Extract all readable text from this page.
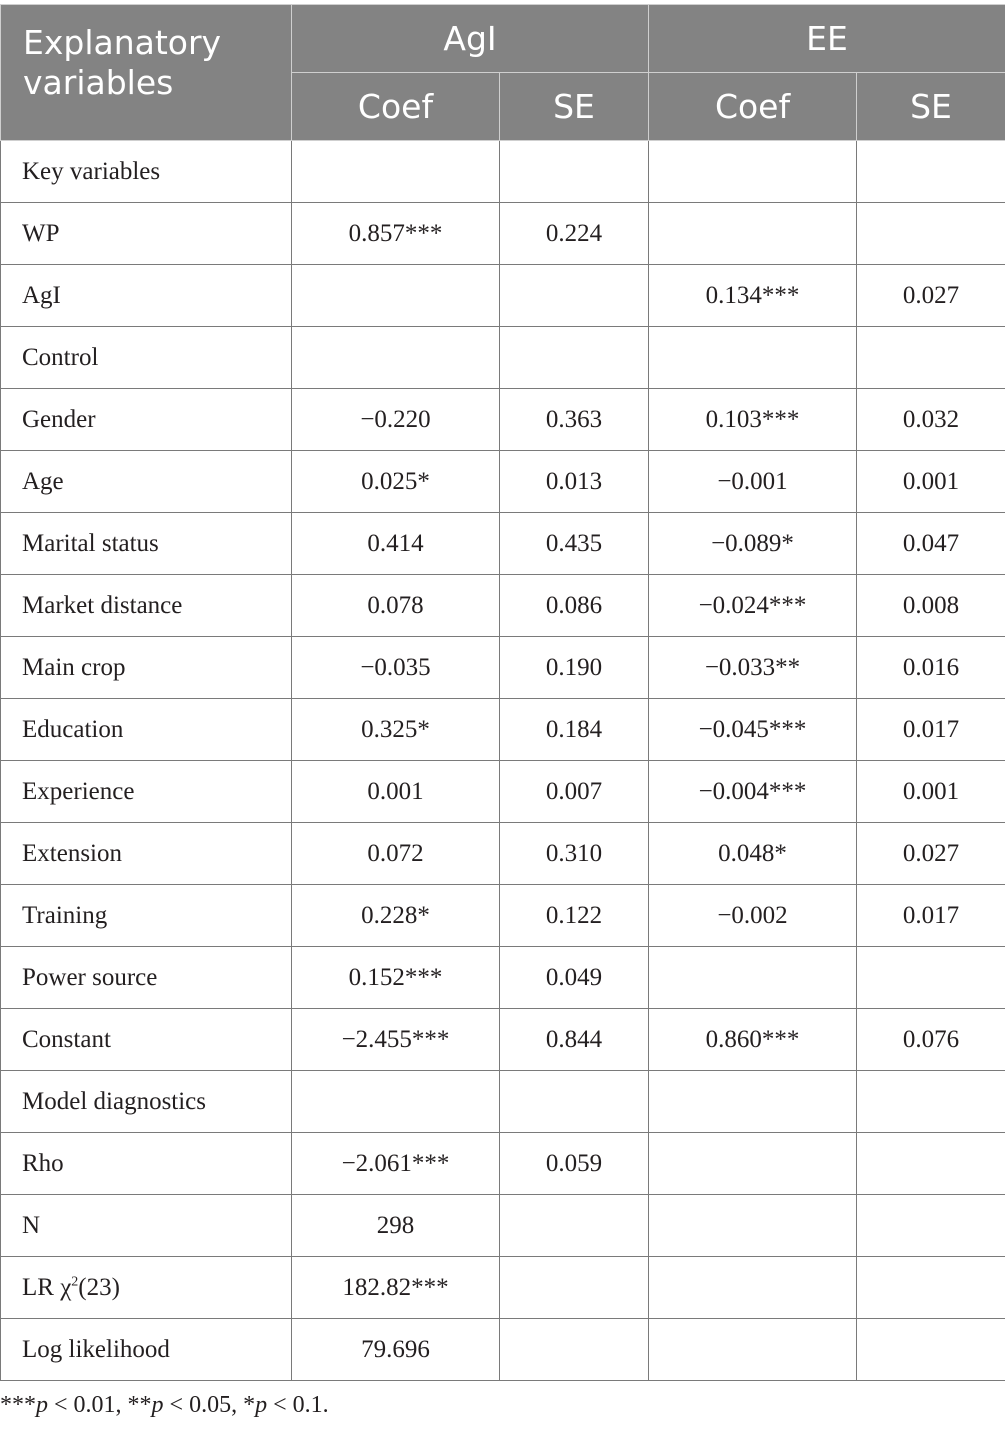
Explanatory variables	AgI		EE	
	Coef	SE	Coef	SE
Key variables				
WP	0.857***	0.224		
AgI			0.134***	0.027
Control				
Gender	−0.220	0.363	0.103***	0.032
Age	0.025*	0.013	−0.001	0.001
Marital status	0.414	0.435	−0.089*	0.047
Market distance	0.078	0.086	−0.024***	0.008
Main crop	−0.035	0.190	−0.033**	0.016
Education	0.325*	0.184	−0.045***	0.017
Experience	0.001	0.007	−0.004***	0.001
Extension	0.072	0.310	0.048*	0.027
Training	0.228*	0.122	−0.002	0.017
Power source	0.152***	0.049		
Constant	−2.455***	0.844	0.860***	0.076
Model diagnostics				
Rho	−2.061***	0.059		
N	298			
LR $\chi^2(23)$	182.82***			
Log likelihood	79.696			
***p < 0.01, **p < 0.05, *p < 0.1.
